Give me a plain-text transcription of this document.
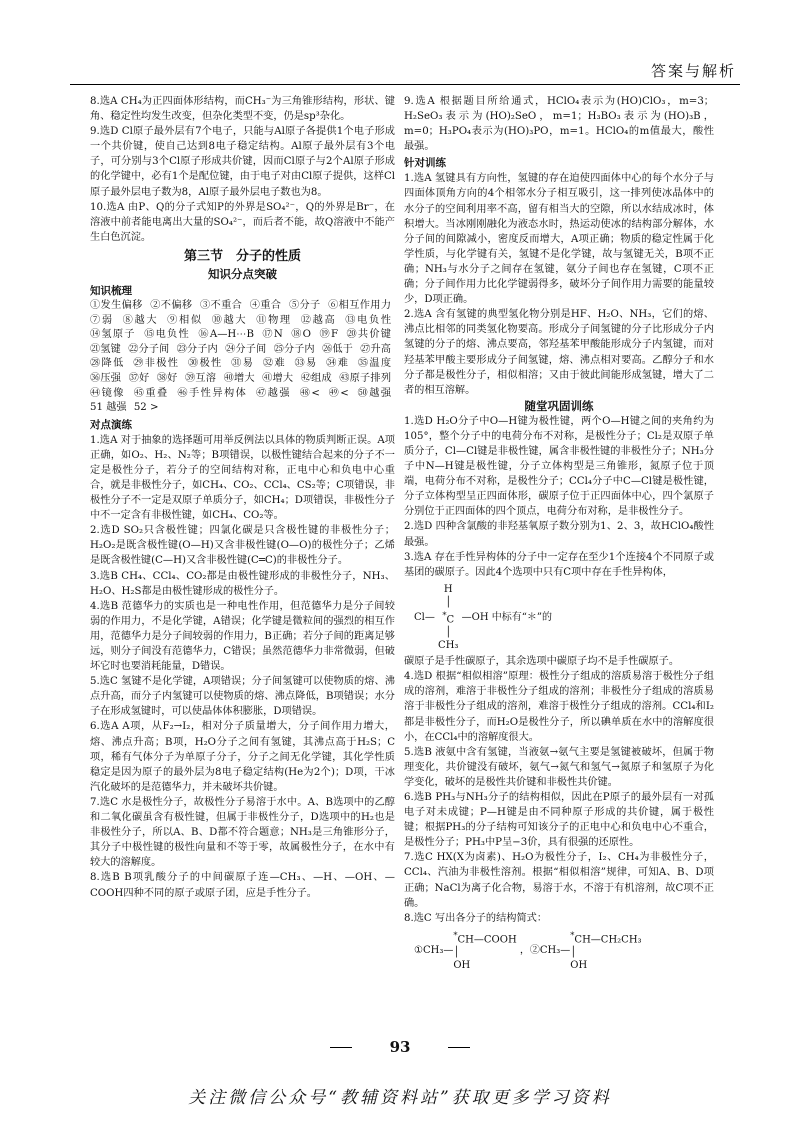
答案与解析

8.选A CH₄为正四面体形结构，而CH₃⁻为三角锥形结构，形状、键角、稳定性均发生改变，但杂化类型不变，仍是sp³杂化。

9.选D Cl原子最外层有7个电子，只能与Al原子各提供1个电子形成一个共价键，使自己达到8电子稳定结构。Al原子最外层有3个电子，可分别与3个Cl原子形成共价键，因而Cl原子与2个Al原子形成的化学键中，必有1个是配位键，由于电子对由Cl原子提供，这样Cl原子最外层电子数为8，Al原子最外层电子数也为8。

10.选A 由P、Q的分子式知P的外界是SO₄²⁻，Q的外界是Br⁻，在溶液中前者能电离出大量的SO₄²⁻，而后者不能，故Q溶液中不能产生白色沉淀。

第三节　分子的性质
知识分点突破
知识梳理
①发生偏移 ②不偏移 ③不重合 ④重合 ⑤分子 ⑥相互作用力 ⑦弱 ⑧越大 ⑨相似 ⑩越大 ⑪物理 ⑫越高 ⑬电负性 ⑭氢原子 ⑮电负性 ⑯A—H⋯B ⑰N ⑱O ⑲F ⑳共价键 ㉑氢键 ㉒分子间 ㉓分子内 ㉔分子间 ㉕分子内 ㉖低于 ㉗升高 ㉘降低 ㉙非极性 ㉚极性 ㉛易 ㉜难 ㉝易 ㉞难 ㉟温度 ㊱压强 ㊲好 ㊳好 ㊴互溶 ㊵增大 ㊶增大 ㊷组成 ㊸原子排列 ㊹镜像 ㊺重叠 ㊻手性异构体 ㊼越强 ㊽< ㊾< ㊿越强 51 越强 52 >
对点演练

1.选A 对于抽象的选择题可用举反例法以具体的物质判断正误。A项正确，如O₂、H₂、N₂等；B项错误，以极性键结合起来的分子不一定是极性分子，若分子的空间结构对称，正电中心和负电中心重合，就是非极性分子，如CH₄、CO₂、CCl₄、CS₂等；C项错误，非极性分子不一定是双原子单质分子，如CH₄；D项错误，非极性分子中不一定含有非极性键，如CH₄、CO₂等。

2.选D SO₂只含极性键；四氯化碳是只含极性键的非极性分子；H₂O₂是既含极性键(O—H)又含非极性键(O—O)的极性分子；乙烯是既含极性键(C—H)又含非极性键(C═C)的非极性分子。

3.选B CH₄、CCl₄、CO₂都是由极性键形成的非极性分子，NH₃、H₂O、H₂S都是由极性键形成的极性分子。

4.选B 范德华力的实质也是一种电性作用，但范德华力是分子间较弱的作用力，不是化学键，A错误；化学键是微粒间的强烈的相互作用，范德华力是分子间较弱的作用力，B正确；若分子间的距离足够远，则分子间没有范德华力，C错误；虽然范德华力非常微弱，但破坏它时也要消耗能量，D错误。

5.选C 氢键不是化学键，A项错误；分子间氢键可以使物质的熔、沸点升高，而分子内氢键可以使物质的熔、沸点降低，B项错误；水分子在形成氢键时，可以使晶体体积膨胀，D项错误。

6.选A A项，从F₂→I₂，相对分子质量增大，分子间作用力增大，熔、沸点升高；B项，H₂O分子之间有氢键，其沸点高于H₂S；C项，稀有气体分子为单原子分子，分子之间无化学键，其化学性质稳定是因为原子的最外层为8电子稳定结构(He为2个)；D项，干冰汽化破坏的是范德华力，并未破坏共价键。

7.选C 水是极性分子，故极性分子易溶于水中。A、B选项中的乙醇和二氧化碳虽含有极性键，但属于非极性分子，D选项中的H₂也是非极性分子，所以A、B、D都不符合题意；NH₃是三角锥形分子，其分子中极性键的极性向量和不等于零，故属极性分子，在水中有较大的溶解度。

8.选B B项乳酸分子的中间碳原子连—CH₃、—H、—OH、—COOH四种不同的原子或原子团，应是手性分子。

9.选A 根据题目所给通式，HClO₄表示为(HO)ClO₃，m=3；H₂SeO₃表示为(HO)₂SeO，m=1；H₃BO₃表示为(HO)₃B，m=0；H₃PO₄表示为(HO)₃PO，m=1。HClO₄的m值最大，酸性最强。

针对训练

1.选A 氢键具有方向性，氢键的存在迫使四面体中心的每个水分子与四面体顶角方向的4个相邻水分子相互吸引，这一排列使冰晶体中的水分子的空间利用率不高，留有相当大的空隙，所以水结成冰时，体积增大。当冰刚刚融化为液态水时，热运动使冰的结构部分解体，水分子间的间隙减小，密度反而增大，A项正确；物质的稳定性属于化学性质，与化学键有关，氢键不是化学键，故与氢键无关，B项不正确；NH₃与水分子之间存在氢键，氨分子间也存在氢键，C项不正确；分子间作用力比化学键弱得多，破坏分子间作用力需要的能量较少，D项正确。

2.选A 含有氢键的典型氢化物分别是HF、H₂O、NH₃，它们的熔、沸点比相邻的同类氢化物要高。形成分子间氢键的分子比形成分子内氢键的分子的熔、沸点要高，邻羟基苯甲酸能形成分子内氢键，而对羟基苯甲酸主要形成分子间氢键，熔、沸点相对要高。乙醇分子和水分子都是极性分子，相似相溶；又由于彼此间能形成氢键，增大了二者的相互溶解。

随堂巩固训练

1.选D H₂O分子中O—H键为极性键，两个O—H键之间的夹角约为105°，整个分子中的电荷分布不对称，是极性分子；Cl₂是双原子单质分子，Cl—Cl键是非极性键，属含非极性键的非极性分子；NH₃分子中N—H键是极性键，分子立体构型是三角锥形，氮原子位于顶端，电荷分布不对称，是极性分子；CCl₄分子中C—Cl键是极性键，分子立体构型呈正四面体形，碳原子位于正四面体中心，四个氯原子分别位于正四面体的四个顶点，电荷分布对称，是非极性分子。

2.选D 四种含氯酸的非羟基氧原子数分别为1、2、3，故HClO₄酸性最强。

3.选A 存在手性异构体的分子中一定存在至少1个连接4个不同原子或基团的碳原子。因此4个选项中只有C项中存在手性异构体，

Cl—
H
│
*C
│
CH₃
—OH 中标有“＊”的

碳原子是手性碳原子，其余选项中碳原子均不是手性碳原子。

4.选D 根据“相似相溶”原理：极性分子组成的溶质易溶于极性分子组成的溶剂，难溶于非极性分子组成的溶剂；非极性分子组成的溶质易溶于非极性分子组成的溶剂，难溶于极性分子组成的溶剂。CCl₄和I₂都是非极性分子，而H₂O是极性分子，所以碘单质在水中的溶解度很小，在CCl₄中的溶解度很大。

5.选B 液氨中含有氢键，当液氨→氨气主要是氢键被破坏，但属于物理变化，共价键没有破坏，氨气→氮气和氢气→氮原子和氢原子为化学变化，破坏的是极性共价键和非极性共价键。

6.选B PH₃与NH₃分子的结构相似，因此在P原子的最外层有一对孤电子对未成键；P—H键是由不同种原子形成的共价键，属于极性键；根据PH₃的分子结构可知该分子的正电中心和负电中心不重合，是极性分子；PH₃中P呈−3价，具有很强的还原性。

7.选C HX(X为卤素)、H₂O为极性分子，I₂、CH₄为非极性分子，CCl₄、汽油为非极性溶剂。根据“相似相溶”规律，可知A、B、D项正确；NaCl为离子化合物，易溶于水，不溶于有机溶剂，故C项不正确。

8.选C 写出各分子的结构简式：

①CH₃—
*CH—COOH
│
OH
，②CH₃—
*CH—CH₂CH₃
│
OH
93
关注微信公众号“教辅资料站”获取更多学习资料
